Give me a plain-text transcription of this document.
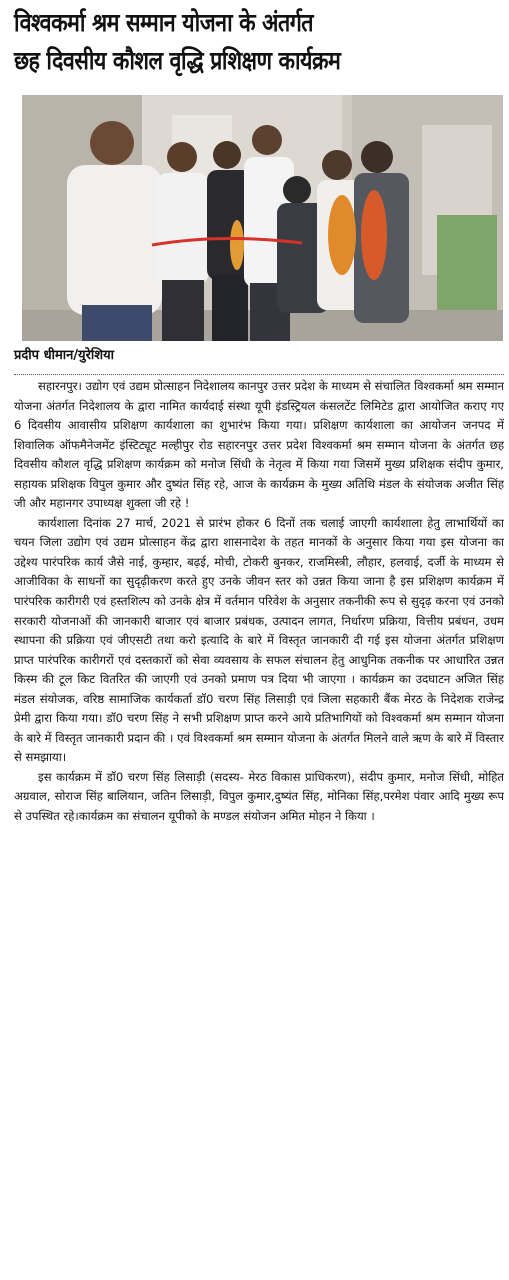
विश्वकर्मा श्रम सम्मान योजना के अंतर्गत
छह दिवसीय कौशल वृद्धि प्रशिक्षण कार्यक्रम
प्रदीप धीमान/युरेशिया

सहारनपुर। उद्योग एवं उद्यम प्रोत्साहन निदेशालय कानपुर उत्तर प्रदेश के माध्यम से संचालित विश्वकर्मा श्रम सम्मान योजना अंतर्गत निदेशालय के द्वारा नामित कार्यदाई संस्था यूपी इंडस्ट्रियल कंसलटेंट लिमिटेड द्वारा आयोजित कराए गए 6 दिवसीय आवासीय प्रशिक्षण कार्यशाला का शुभारंभ किया गया। प्रशिक्षण कार्यशाला का आयोजन जनपद में शिवालिक ऑफमैनेजमेंट इंस्टिट्यूट मल्हीपुर रोड सहारनपुर उत्तर प्रदेश विश्वकर्मा श्रम सम्मान योजना के अंतर्गत छह दिवसीय कौशल वृद्धि प्रशिक्षण कार्यक्रम को मनोज सिंधी के नेतृत्व में किया गया जिसमें मुख्य प्रशिक्षक संदीप कुमार, सहायक प्रशिक्षक विपुल कुमार और दुष्यंत सिंह रहे, आज के कार्यक्रम के मुख्य अतिथि मंडल के संयोजक अजीत सिंह जी और महानगर उपाध्यक्ष शुक्ला जी रहे !

कार्यशाला दिनांक 27 मार्च, 2021 से प्रारंभ होकर 6 दिनों तक चलाई जाएगी कार्यशाला हेतु लाभार्थियों का चयन जिला उद्योग एवं उद्यम प्रोत्साहन केंद्र द्वारा शासनादेश के तहत मानकों के अनुसार किया गया इस योजना का उद्देश्य पारंपरिक कार्य जैसे नाई, कुम्हार, बढ़ई, मोची, टोकरी बुनकर, राजमिस्त्री, लौहार, हलवाई, दर्जी के माध्यम से आजीविका के साधनों का सुदृढ़ीकरण करते हुए उनके जीवन स्तर को उन्नत किया जाना है इस प्रशिक्षण कार्यक्रम में पारंपरिक कारीगरी एवं हस्तशिल्प को उनके क्षेत्र में वर्तमान परिवेश के अनुसार तकनीकी रूप से सुदृढ़ करना एवं उनको सरकारी योजनाओं की जानकारी बाजार एवं बाजार प्रबंधक, उत्पादन लागत, निर्धारण प्रक्रिया, वित्तीय प्रबंधन, उधम स्थापना की प्रक्रिया एवं जीएसटी तथा करो इत्यादि के बारे में विस्तृत जानकारी दी गई इस योजना अंतर्गत प्रशिक्षण प्राप्त पारंपरिक कारीगरों एवं दस्तकारों को सेवा व्यवसाय के सफल संचालन हेतु आधुनिक तकनीक पर आधारित उन्नत किस्म की टूल किट वितरित की जाएगी एवं उनको प्रमाण पत्र दिया भी जाएगा । कार्यक्रम का उदघाटन अजित सिंह मंडल संयोजक, वरिष्ठ सामाजिक कार्यकर्ता डॉ0 चरण सिंह लिसाड़ी एवं जिला सहकारी बैंक मेरठ के निदेशक राजेन्द्र प्रेमी द्वारा किया गया। डॉ0 चरण सिंह ने सभी प्रशिक्षण प्राप्त करने आये प्रतिभागियों को विश्वकर्मा श्रम सम्मान योजना के बारे में विस्तृत जानकारी प्रदान की । एवं विश्वकर्मा श्रम सम्मान योजना के अंतर्गत मिलने वाले ऋण के बारे में विस्तार से समझाया।

इस कार्यक्रम में डॉ0 चरण सिंह लिसाड़ी (सदस्य- मेरठ विकास प्राधिकरण), संदीप कुमार, मनोज सिंधी, मोहित अग्रवाल, सोराज सिंह बालियान, जतिन लिसाड़ी, विपुल कुमार,दुष्यंत सिंह, मोनिका सिंह,परमेश पंवार आदि मुख्य रूप से उपस्थित रहे।कार्यक्रम का संचालन यूपीको के मण्डल संयोजन अमित मोहन ने किया ।
